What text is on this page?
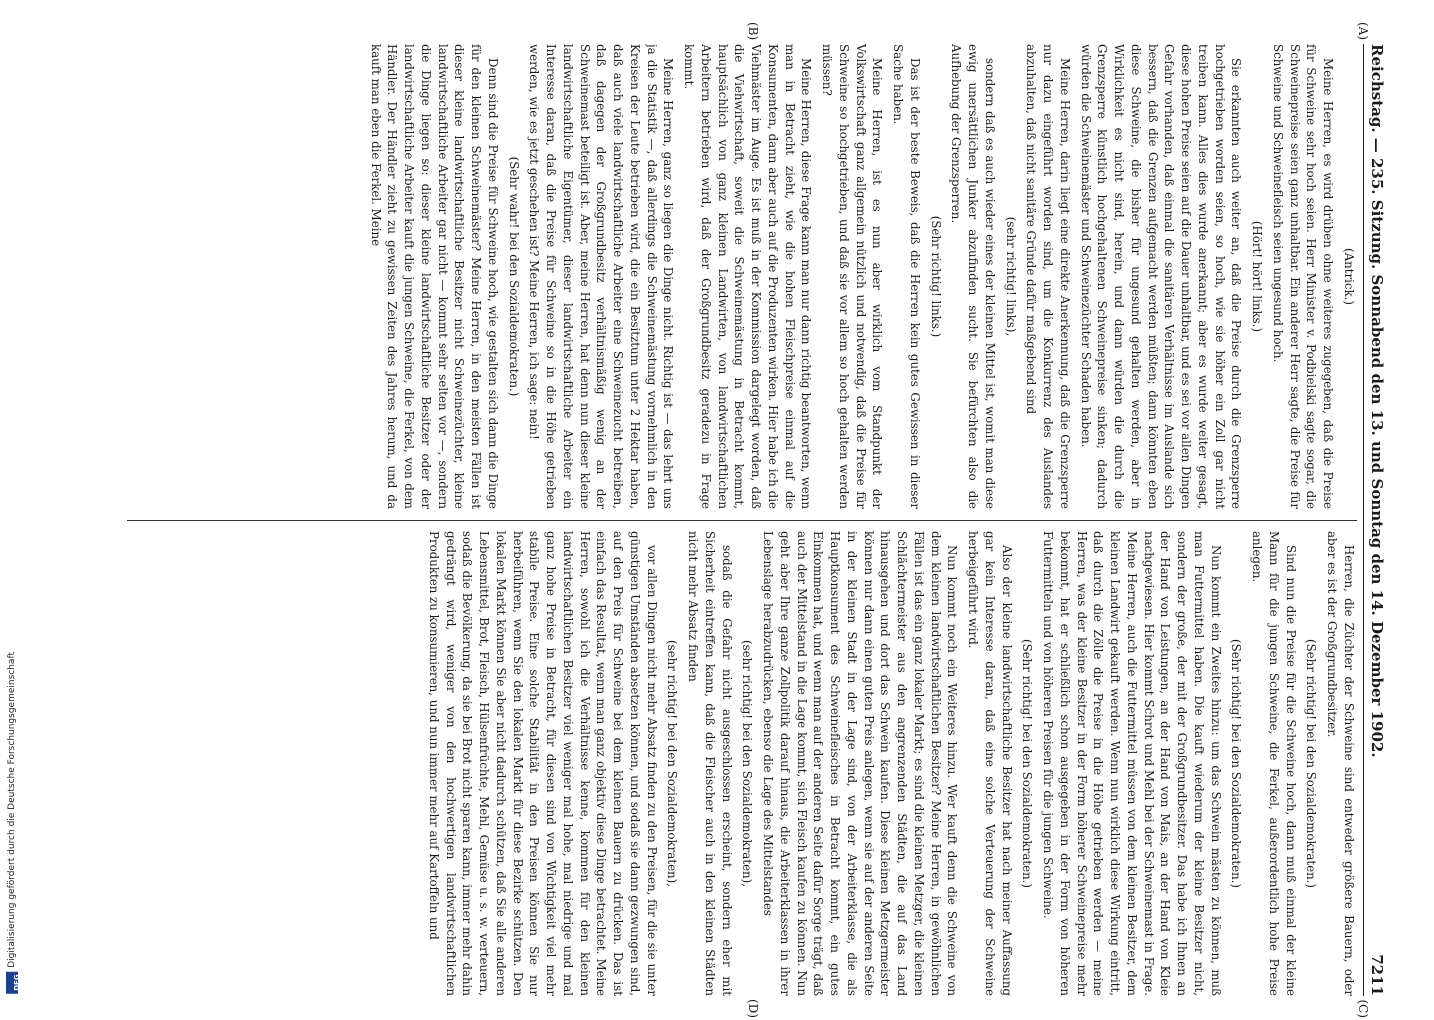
Reichstag. — 235. Sitzung. Sonnabend den 13. und Sonntag den 14. Dezember 1902.
7211

(Antrick.)

Meine Herren, es wird drüben ohne weiteres zugegeben, daß die Preise für Schweine sehr hoch seien. Herr Minister v. Podbielski sagte sogar, die Schweinepreise seien ganz unhaltbar. Ein anderer Herr sagte, die Preise für Schweine und Schweinefleisch seien ungesund hoch.

(Hört! hört! links.)

Sie erkannten auch weiter an, daß die Preise durch die Grenzsperre hochgetrieben worden seien, so hoch, wie sie höher ein Zoll gar nicht treiben kann. Alles dies wurde anerkannt; aber es wurde weiter gesagt, diese hohen Preise seien auf die Dauer unhaltbar, und es sei vor allen Dingen Gefahr vorhanden, daß einmal die sanitären Verhältnisse im Auslande sich bessern, daß die Grenzen aufgemacht werden müßten; dann könnten eben diese Schweine, die bisher für ungesund gehalten werden, aber in Wirklichkeit es nicht sind, herein, und dann würden die durch die Grenzsperre künstlich hochgehaltenen Schweinepreise sinken; dadurch würden die Schweinemäster und Schweinezüchter Schaden haben.

Meine Herren, darin liegt eine direkte Anerkennung, daß die Grenzsperre nur dazu eingeführt worden sind, um die Konkurrenz des Auslandes abzuhalten, daß nicht sanitäre Gründe dafür maßgebend sind

(sehr richtig! links),

sondern daß es auch wieder eines der kleinen Mittel ist, womit man diese ewig unersättlichen Junker abzufinden sucht. Sie befürchten also die Aufhebung der Grenzsperren.

(Sehr richtig! links.)

Das ist der beste Beweis, daß die Herren kein gutes Gewissen in dieser Sache haben.

Meine Herren, ist es nun aber wirklich vom Standpunkt der Volkswirtschaft ganz allgemein nützlich und notwendig, daß die Preise für Schweine so hochgetrieben, und daß sie vor allem so hoch gehalten werden müssen?

Meine Herren, diese Frage kann man nur dann richtig beantworten, wenn man in Betracht zieht, wie die hohen Fleischpreise einmal auf die Konsumenten, dann aber auch auf die Produzenten wirken. Hier habe ich die Viehmäster im Auge. Es ist muß in der Kommission dargelegt worden, daß die Viehwirtschaft, soweit die Schweinemästung in Betracht kommt, hauptsächlich von ganz kleinen Landwirten, von landwirtschaftlichen Arbeitern betrieben wird, daß der Großgrundbesitz geradezu in Frage kommt.

Meine Herren, ganz so liegen die Dinge nicht. Richtig ist — das lehrt uns ja die Statistik —, daß allerdings die Schweinemästung vornehmlich in den Kreisen der Leute betrieben wird, die ein Besitztum unter 2 Hektar haben, daß auch viele landwirtschaftliche Arbeiter eine Schweinezucht betreiben, daß dagegen der Großgrundbesitz verhältnismäßig wenig an der Schweinemast beteiligt ist. Aber, meine Herren, hat denn nun dieser kleine landwirtschaftliche Eigentümer, dieser landwirtschaftliche Arbeiter ein Interesse daran, daß die Preise für Schweine so in die Höhe getrieben werden, wie es jetzt geschehen ist? Meine Herren, ich sage: nein!

(Sehr wahr! bei den Sozialdemokraten.)

Denn sind die Preise für Schweine hoch, wie gestalten sich dann die Dinge für den kleinen Schweinemäster? Meine Herren, in den meisten Fällen ist dieser kleine landwirtschaftliche Besitzer nicht Schweinezüchter, kleine landwirtschaftliche Arbeiter gar nicht — kommt sehr selten vor —, sondern die Dinge liegen so: dieser kleine landwirtschaftliche Besitzer oder der landwirtschaftliche Arbeiter kauft die jungen Schweine, die Ferkel, von dem Händler. Der Händler zieht zu gewissen Zeiten des Jahres herum, und da kauft man eben die Ferkel. Meine

Herren, die Züchter der Schweine sind entweder größere Bauern, oder aber es ist der Großgrundbesitzer.

(Sehr richtig! bei den Sozialdemokraten.)

Sind nun die Preise für die Schweine hoch, dann muß einmal der kleine Mann für die jungen Schweine, die Ferkel, außerordentlich hohe Preise anlegen.

(Sehr richtig! bei den Sozialdemokraten.)

Nun kommt ein Zweites hinzu: um das Schwein mästen zu können, muß man Futtermittel haben. Die kauft wiederum der kleine Besitzer nicht, sondern der große, der mit der Großgrundbesitzer. Das habe ich Ihnen an der Hand von Leistungen, an der Hand von Mais, an der Hand von Kleie nachgewiesen. Hier kommt Schrot und Mehl bei der Schweinemast in Frage. Meine Herren, auch die Futtermittel müssen von dem kleinen Besitzer, dem kleinen Landwirt gekauft werden. Wenn nun wirklich diese Wirkung eintritt, daß durch die Zölle die Preise in die Höhe getrieben werden — meine Herren, was der kleine Besitzer in der Form höherer Schweinepreise mehr bekommt, hat er schließlich schon ausgegeben in der Form von höheren Futtermitteln und von höheren Preisen für die jungen Schweine.

(Sehr richtig! bei den Sozialdemokraten.)

Also der kleine landwirtschaftliche Besitzer hat nach meiner Auffassung gar kein Interesse daran, daß eine solche Verteuerung der Schweine herbeigeführt wird.

Nun kommt noch ein Weiteres hinzu. Wer kauft denn die Schweine von dem kleinen landwirtschaftlichen Besitzer? Meine Herren, in gewöhnlichen Fällen ist das ein ganz lokaler Markt; es sind die kleinen Metzger, die kleinen Schlächtermeister aus den angrenzenden Städten, die auf das Land hinausgehen und dort das Schwein kaufen. Diese kleinen Metzgermeister können nur dann einen guten Preis anlegen, wenn sie auf der anderen Seite in der kleinen Stadt in der Lage sind, von der Arbeiterklasse, die als Hauptkonsument des Schweinefleisches in Betracht kommt, ein gutes Einkommen hat, und wenn man auf der anderen Seite dafür Sorge trägt, daß auch der Mittelstand in die Lage kommt, sich Fleisch kaufen zu können. Nun geht aber Ihre ganze Zollpolitik darauf hinaus, die Arbeiterklassen in ihrer Lebenslage herabzudrücken, ebenso die Lage des Mittelstandes

(sehr richtig! bei den Sozialdemokraten),

sodaß die Gefahr nicht ausgeschlossen erscheint, sondern eher mit Sicherheit eintreffen kann, daß die Fleischer auch in den kleinen Städten nicht mehr Absatz finden

(sehr richtig! bei den Sozialdemokraten),

vor allen Dingen nicht mehr Absatz finden zu den Preisen, für die sie unter günstigen Umständen absetzen können, und sodaß sie dann gezwungen sind, auf den Preis für Schweine bei dem kleinen Bauern zu drücken. Das ist einfach das Resultat, wenn man ganz objektiv diese Dinge betrachtet. Meine Herren, sowohl ich die Verhältnisse kenne, kommen für den kleinen landwirtschaftlichen Besitzer viel weniger mal hohe, mal niedrige und mal ganz hohe Preise in Betracht, für diesen sind von Wichtigkeit viel mehr stabile Preise. Eine solche Stabilität in den Preisen können Sie nur herbeiführen, wenn Sie den lokalen Markt für diese Bezirke schützen. Den lokalen Markt können Sie aber nicht dadurch schützen, daß Sie alle anderen Lebensmittel, Brot, Fleisch, Hülsenfrüchte, Mehl, Gemüse u. s. w. verteuern, sodaß die Bevölkerung, da sie bei Brot nicht sparen kann, immer mehr dahin gedrängt wird, weniger von den hochwertigen landwirtschaftlichen Produkten zu konsumieren, und nun immer mehr auf Kartoffeln und

(A)
(B)
(C)
(D)
DFG
Digitalisierung gefördert durch die Deutsche Forschungsgemeinschaft
